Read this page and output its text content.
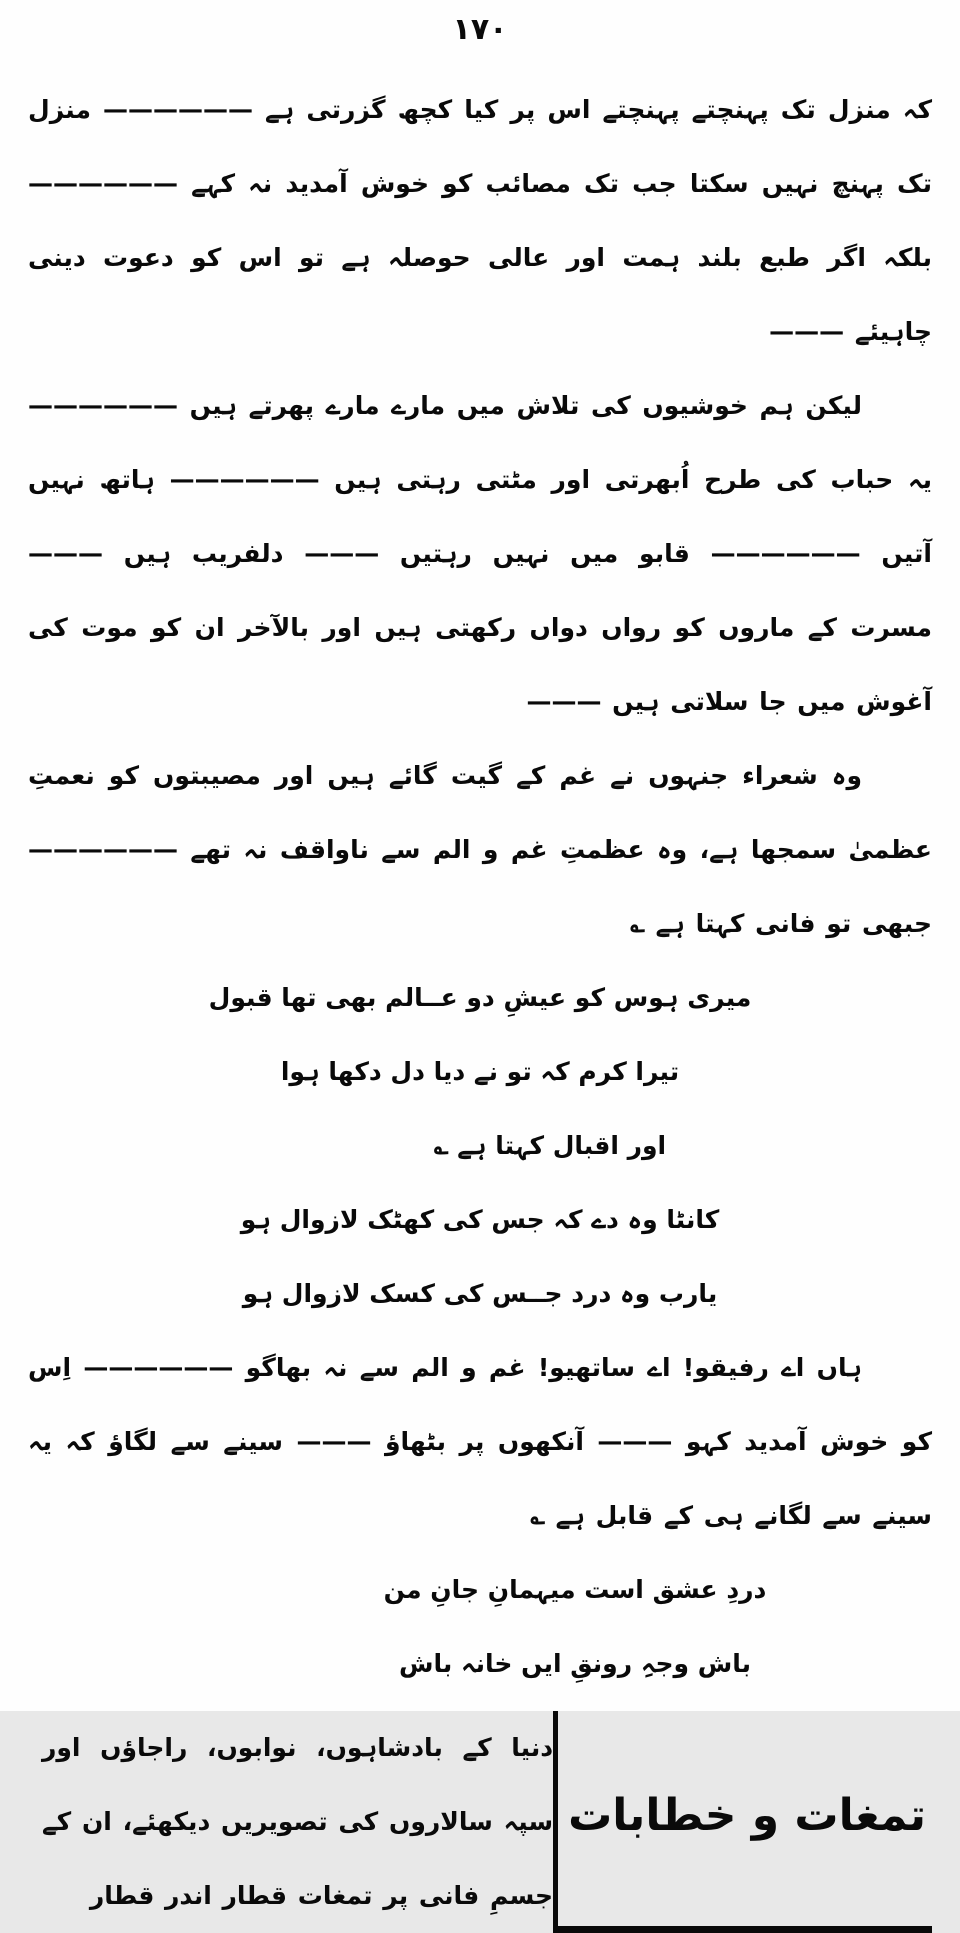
۱۷۰

کہ منزل تک پہنچتے پہنچتے اس پر کیا کچھ گزرتی ہے —————— منزل تک پہنچ نہیں سکتا جب تک مصائب کو خوش آمدید نہ کہے —————— بلکہ اگر طبع بلند ہمت اور عالی حوصلہ ہے تو اس کو دعوت دینی چاہیئے ———

لیکن ہم خوشیوں کی تلاش میں مارے مارے پھرتے ہیں —————— یہ حباب کی طرح اُبھرتی اور مٹتی رہتی ہیں —————— ہاتھ نہیں آتیں —————— قابو میں نہیں رہتیں ——— دلفریب ہیں ——— مسرت کے ماروں کو رواں دواں رکھتی ہیں اور بالآخر ان کو موت کی آغوش میں جا سلاتی ہیں ———

وہ شعراء جنہوں نے غم کے گیت گائے ہیں اور مصیبتوں کو نعمتِ عظمیٰ سمجھا ہے، وہ عظمتِ غم و الم سے ناواقف نہ تھے —————— جبھی تو فانی کہتا ہے ؎

میری ہوس کو عیشِ دو عــالم بھی تھا قبول
تیرا کرم کہ تو نے دیا دل دکھا ہوا

اور اقبال کہتا ہے ؎

کانٹا وہ دے کہ جس کی کھٹک لازوال ہو
یارب وہ درد جــس کی کسک لازوال ہو

ہاں اے رفیقو! اے ساتھیو! غم و الم سے نہ بھاگو —————— اِس کو خوش آمدید کہو ——— آنکھوں پر بٹھاؤ ——— سینے سے لگاؤ کہ یہ سینے سے لگانے ہی کے قابل ہے ؎

دردِ عشق است میہمانِ جانِ من
باش وجہِ رونقِ ایں خانہ باش
تمغات و خطابات

دنیا کے بادشاہوں، نوابوں، راجاؤں اور سپہ سالاروں کی تصویریں دیکھئے، ان کے جسمِ فانی پر تمغات قطار اندر قطار
